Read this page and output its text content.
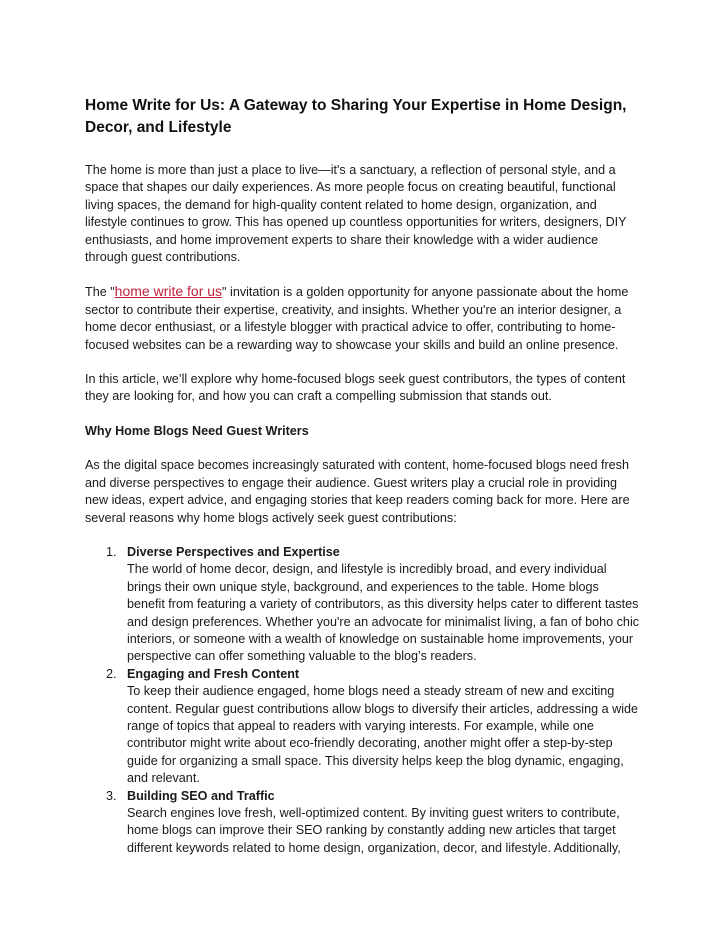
Home Write for Us: A Gateway to Sharing Your Expertise in Home Design, Decor, and Lifestyle

The home is more than just a place to live—it's a sanctuary, a reflection of personal style, and a space that shapes our daily experiences. As more people focus on creating beautiful, functional living spaces, the demand for high-quality content related to home design, organization, and lifestyle continues to grow. This has opened up countless opportunities for writers, designers, DIY enthusiasts, and home improvement experts to share their knowledge with a wider audience through guest contributions.

The "home write for us" invitation is a golden opportunity for anyone passionate about the home sector to contribute their expertise, creativity, and insights. Whether you're an interior designer, a home decor enthusiast, or a lifestyle blogger with practical advice to offer, contributing to home-focused websites can be a rewarding way to showcase your skills and build an online presence.

In this article, we’ll explore why home-focused blogs seek guest contributors, the types of content they are looking for, and how you can craft a compelling submission that stands out.

Why Home Blogs Need Guest Writers

As the digital space becomes increasingly saturated with content, home-focused blogs need fresh and diverse perspectives to engage their audience. Guest writers play a crucial role in providing new ideas, expert advice, and engaging stories that keep readers coming back for more. Here are several reasons why home blogs actively seek guest contributions:

1. Diverse Perspectives and Expertise
The world of home decor, design, and lifestyle is incredibly broad, and every individual brings their own unique style, background, and experiences to the table. Home blogs benefit from featuring a variety of contributors, as this diversity helps cater to different tastes and design preferences. Whether you're an advocate for minimalist living, a fan of boho chic interiors, or someone with a wealth of knowledge on sustainable home improvements, your perspective can offer something valuable to the blog’s readers.
2. Engaging and Fresh Content
To keep their audience engaged, home blogs need a steady stream of new and exciting content. Regular guest contributions allow blogs to diversify their articles, addressing a wide range of topics that appeal to readers with varying interests. For example, while one contributor might write about eco-friendly decorating, another might offer a step-by-step guide for organizing a small space. This diversity helps keep the blog dynamic, engaging, and relevant.
3. Building SEO and Traffic
Search engines love fresh, well-optimized content. By inviting guest writers to contribute, home blogs can improve their SEO ranking by constantly adding new articles that target different keywords related to home design, organization, decor, and lifestyle. Additionally,
